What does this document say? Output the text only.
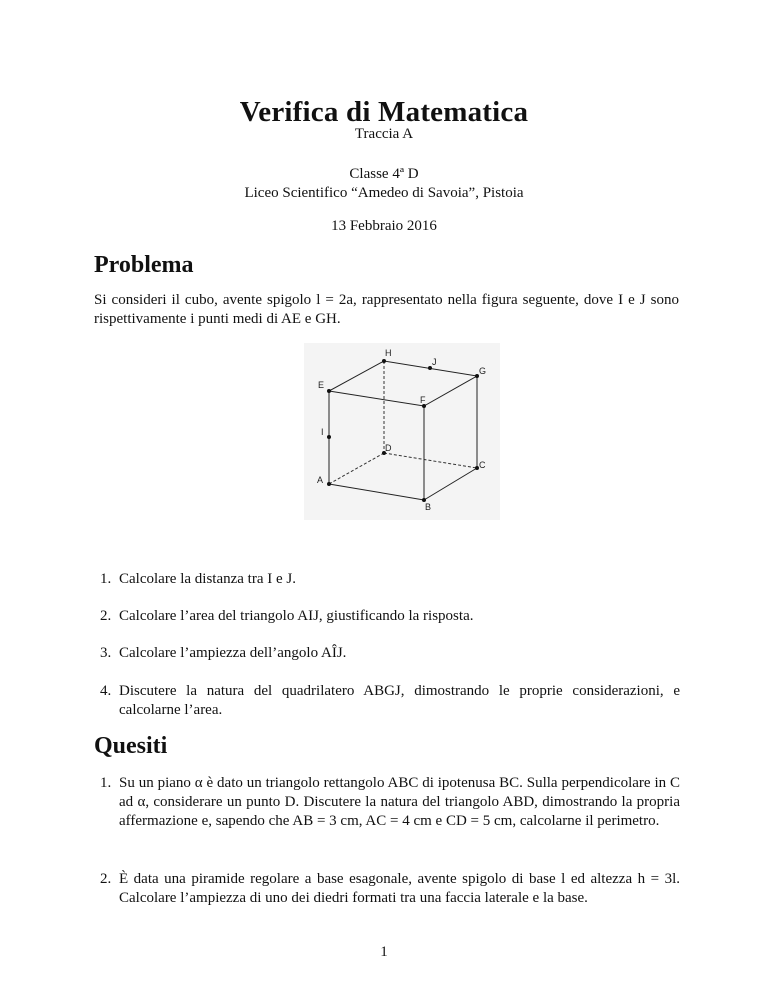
Verifica di Matematica
Traccia A
Classe 4ª D
Liceo Scientifico “Amedeo di Savoia”, Pistoia
13 Febbraio 2016
Problema
Si consideri il cubo, avente spigolo l = 2a, rappresentato nella figura seguente, dove I e J sono rispettivamente i punti medi di AE e GH.
H
J
G
E
F
I
D
C
A
B
1. Calcolare la distanza tra I e J.
2. Calcolare l’area del triangolo AIJ, giustificando la risposta.
3. Calcolare l’ampiezza dell’angolo AÎJ.
4. Discutere la natura del quadrilatero ABGJ, dimostrando le proprie considerazioni, e calcolarne l’area.
Quesiti
1. Su un piano α è dato un triangolo rettangolo ABC di ipotenusa BC. Sulla perpendicolare in C ad α, considerare un punto D. Discutere la natura del triangolo ABD, dimostrando la propria affermazione e, sapendo che AB = 3 cm, AC = 4 cm e CD = 5 cm, calcolarne il perimetro.
2. È data una piramide regolare a base esagonale, avente spigolo di base l ed altezza h = 3l. Calcolare l’ampiezza di uno dei diedri formati tra una faccia laterale e la base.
1
